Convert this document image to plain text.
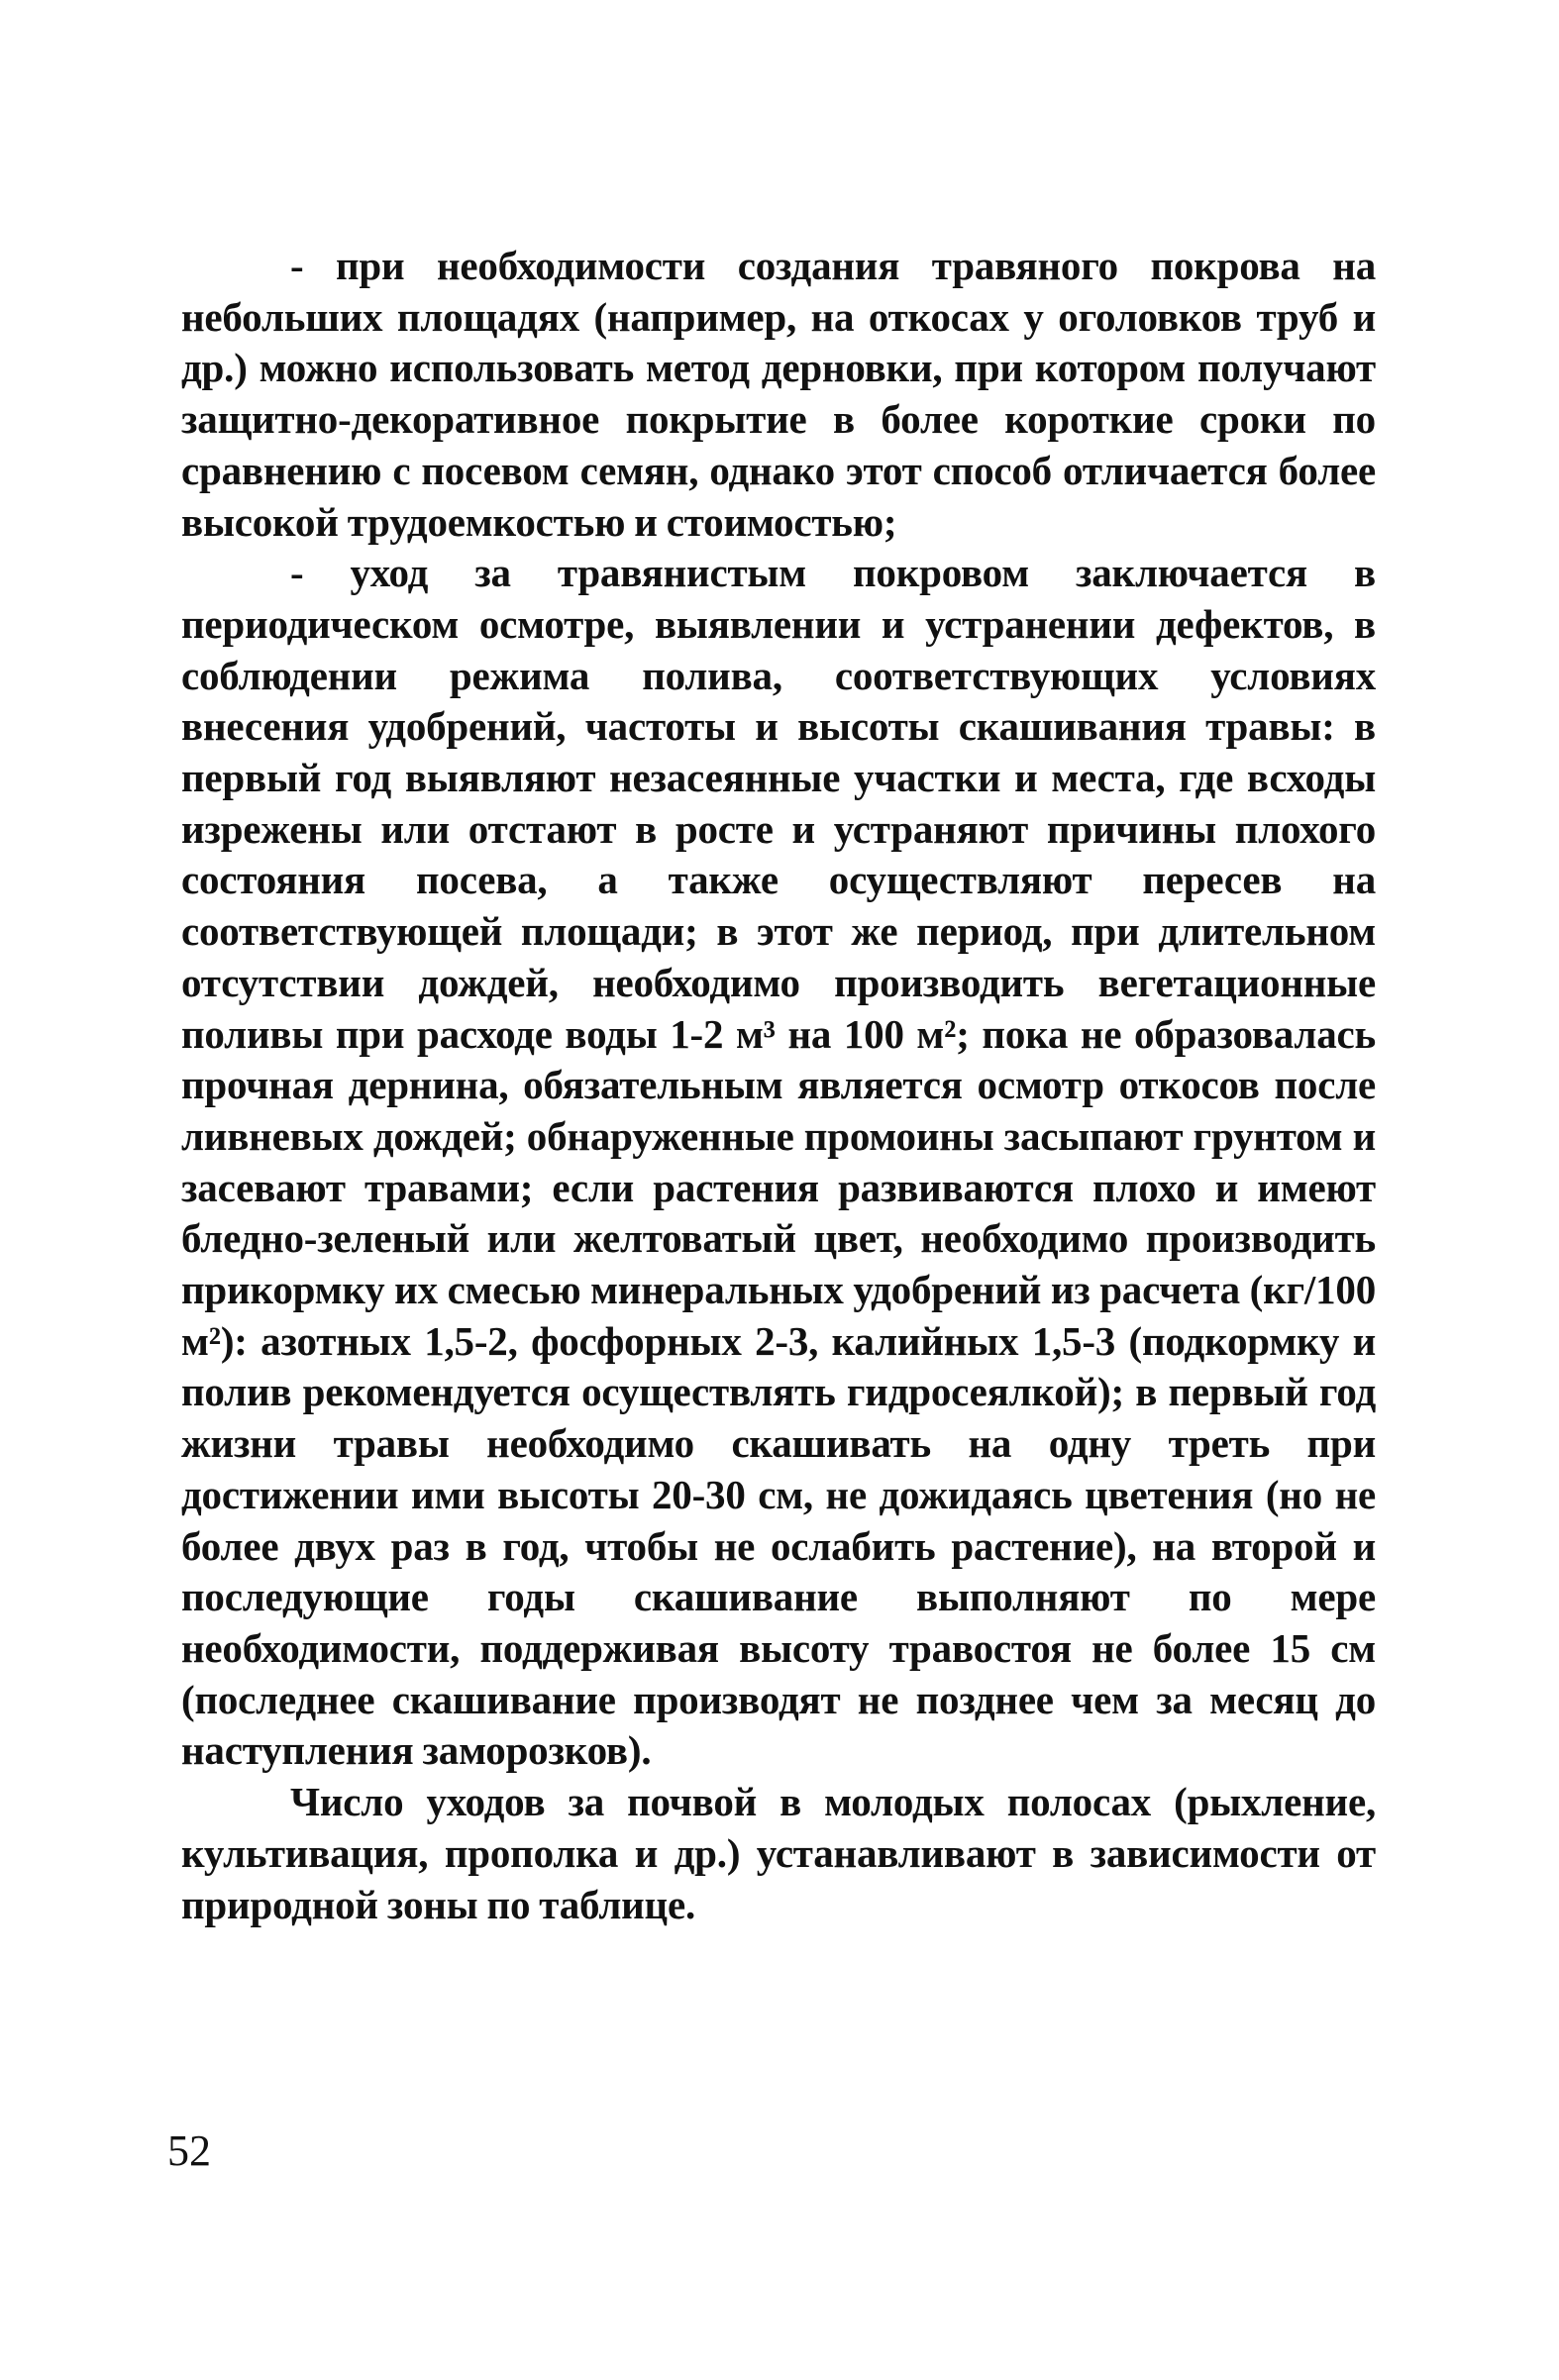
- при необходимости создания травяного покрова на небольших площадях (например, на откосах у оголовков труб и др.) можно использовать метод дерновки, при котором получают защитно-декоративное покрытие в более короткие сроки по сравнению с посевом семян, однако этот способ отличается более высокой трудоемкостью и стоимостью;

- уход за травянистым покровом заключается в периодическом осмотре, выявлении и устранении дефектов, в соблюдении режима полива, соответствующих условиях внесения удобрений, частоты и высоты скашивания травы: в первый год выявляют незасеянные участки и места, где всходы изрежены или отстают в росте и устраняют причины плохого состояния посева, а также осуществляют пересев на соответствующей площади; в этот же период, при длительном отсутствии дождей, необходимо производить вегетационные поливы при расходе воды 1-2 м³ на 100 м²; пока не образовалась прочная дернина, обязательным является осмотр откосов после ливневых дождей; обнаруженные промоины засыпают грунтом и засевают травами; если растения развиваются плохо и имеют бледно-зеленый или желтоватый цвет, необходимо производить прикормку их смесью минеральных удобрений из расчета (кг/100 м²): азотных 1,5-2, фосфорных 2-3, калийных 1,5-3 (подкормку и полив рекомендуется осуществлять гидросеялкой); в первый год жизни травы необходимо скашивать на одну треть при достижении ими высоты 20-30 см, не дожидаясь цветения (но не более двух раз в год, чтобы не ослабить растение), на второй и последующие годы скашивание выполняют по мере необходимости, поддерживая высоту травостоя не более 15 см (последнее скашивание производят не позднее чем за месяц до наступления заморозков).

Число уходов за почвой в молодых полосах (рыхление, культивация, прополка и др.) устанавливают в зависимости от природной зоны по таблице.

52
